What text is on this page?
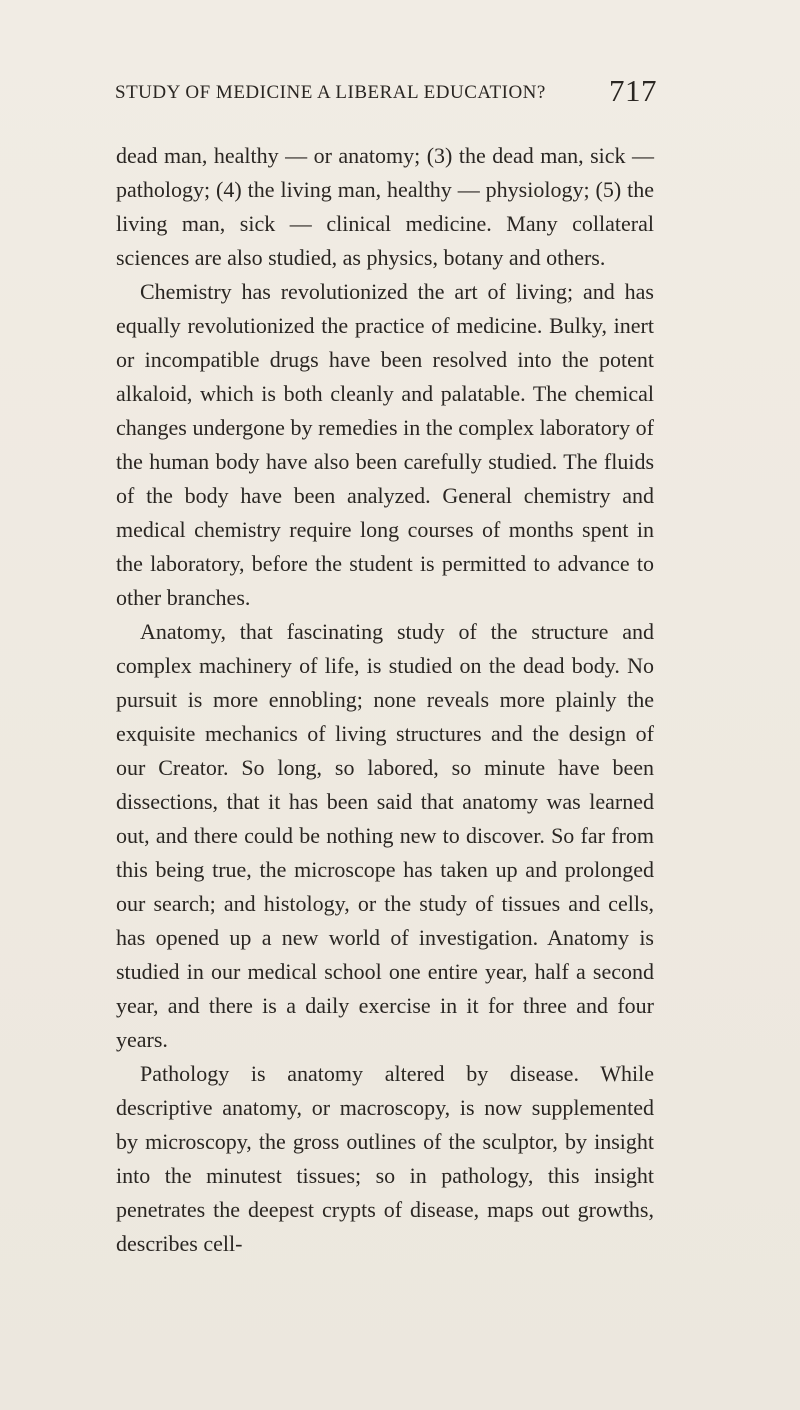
STUDY OF MEDICINE A LIBERAL EDUCATION? 717

dead man, healthy — or anatomy; (3) the dead man, sick — pathology; (4) the living man, healthy — physiology; (5) the living man, sick — clinical medicine. Many collateral sciences are also studied, as physics, botany and others.

Chemistry has revolutionized the art of living; and has equally revolutionized the practice of medicine. Bulky, inert or incompatible drugs have been resolved into the potent alkaloid, which is both cleanly and palatable. The chemical changes undergone by remedies in the complex laboratory of the human body have also been carefully studied. The fluids of the body have been analyzed. General chemistry and medical chemistry require long courses of months spent in the laboratory, before the student is permitted to advance to other branches.

Anatomy, that fascinating study of the structure and complex machinery of life, is studied on the dead body. No pursuit is more ennobling; none reveals more plainly the exquisite mechanics of living structures and the design of our Creator. So long, so labored, so minute have been dissections, that it has been said that anatomy was learned out, and there could be nothing new to discover. So far from this being true, the microscope has taken up and prolonged our search; and histology, or the study of tissues and cells, has opened up a new world of investigation. Anatomy is studied in our medical school one entire year, half a second year, and there is a daily exercise in it for three and four years.

Pathology is anatomy altered by disease. While descriptive anatomy, or macroscopy, is now supplemented by microscopy, the gross outlines of the sculptor, by insight into the minutest tissues; so in pathology, this insight penetrates the deepest crypts of disease, maps out growths, describes cell-
